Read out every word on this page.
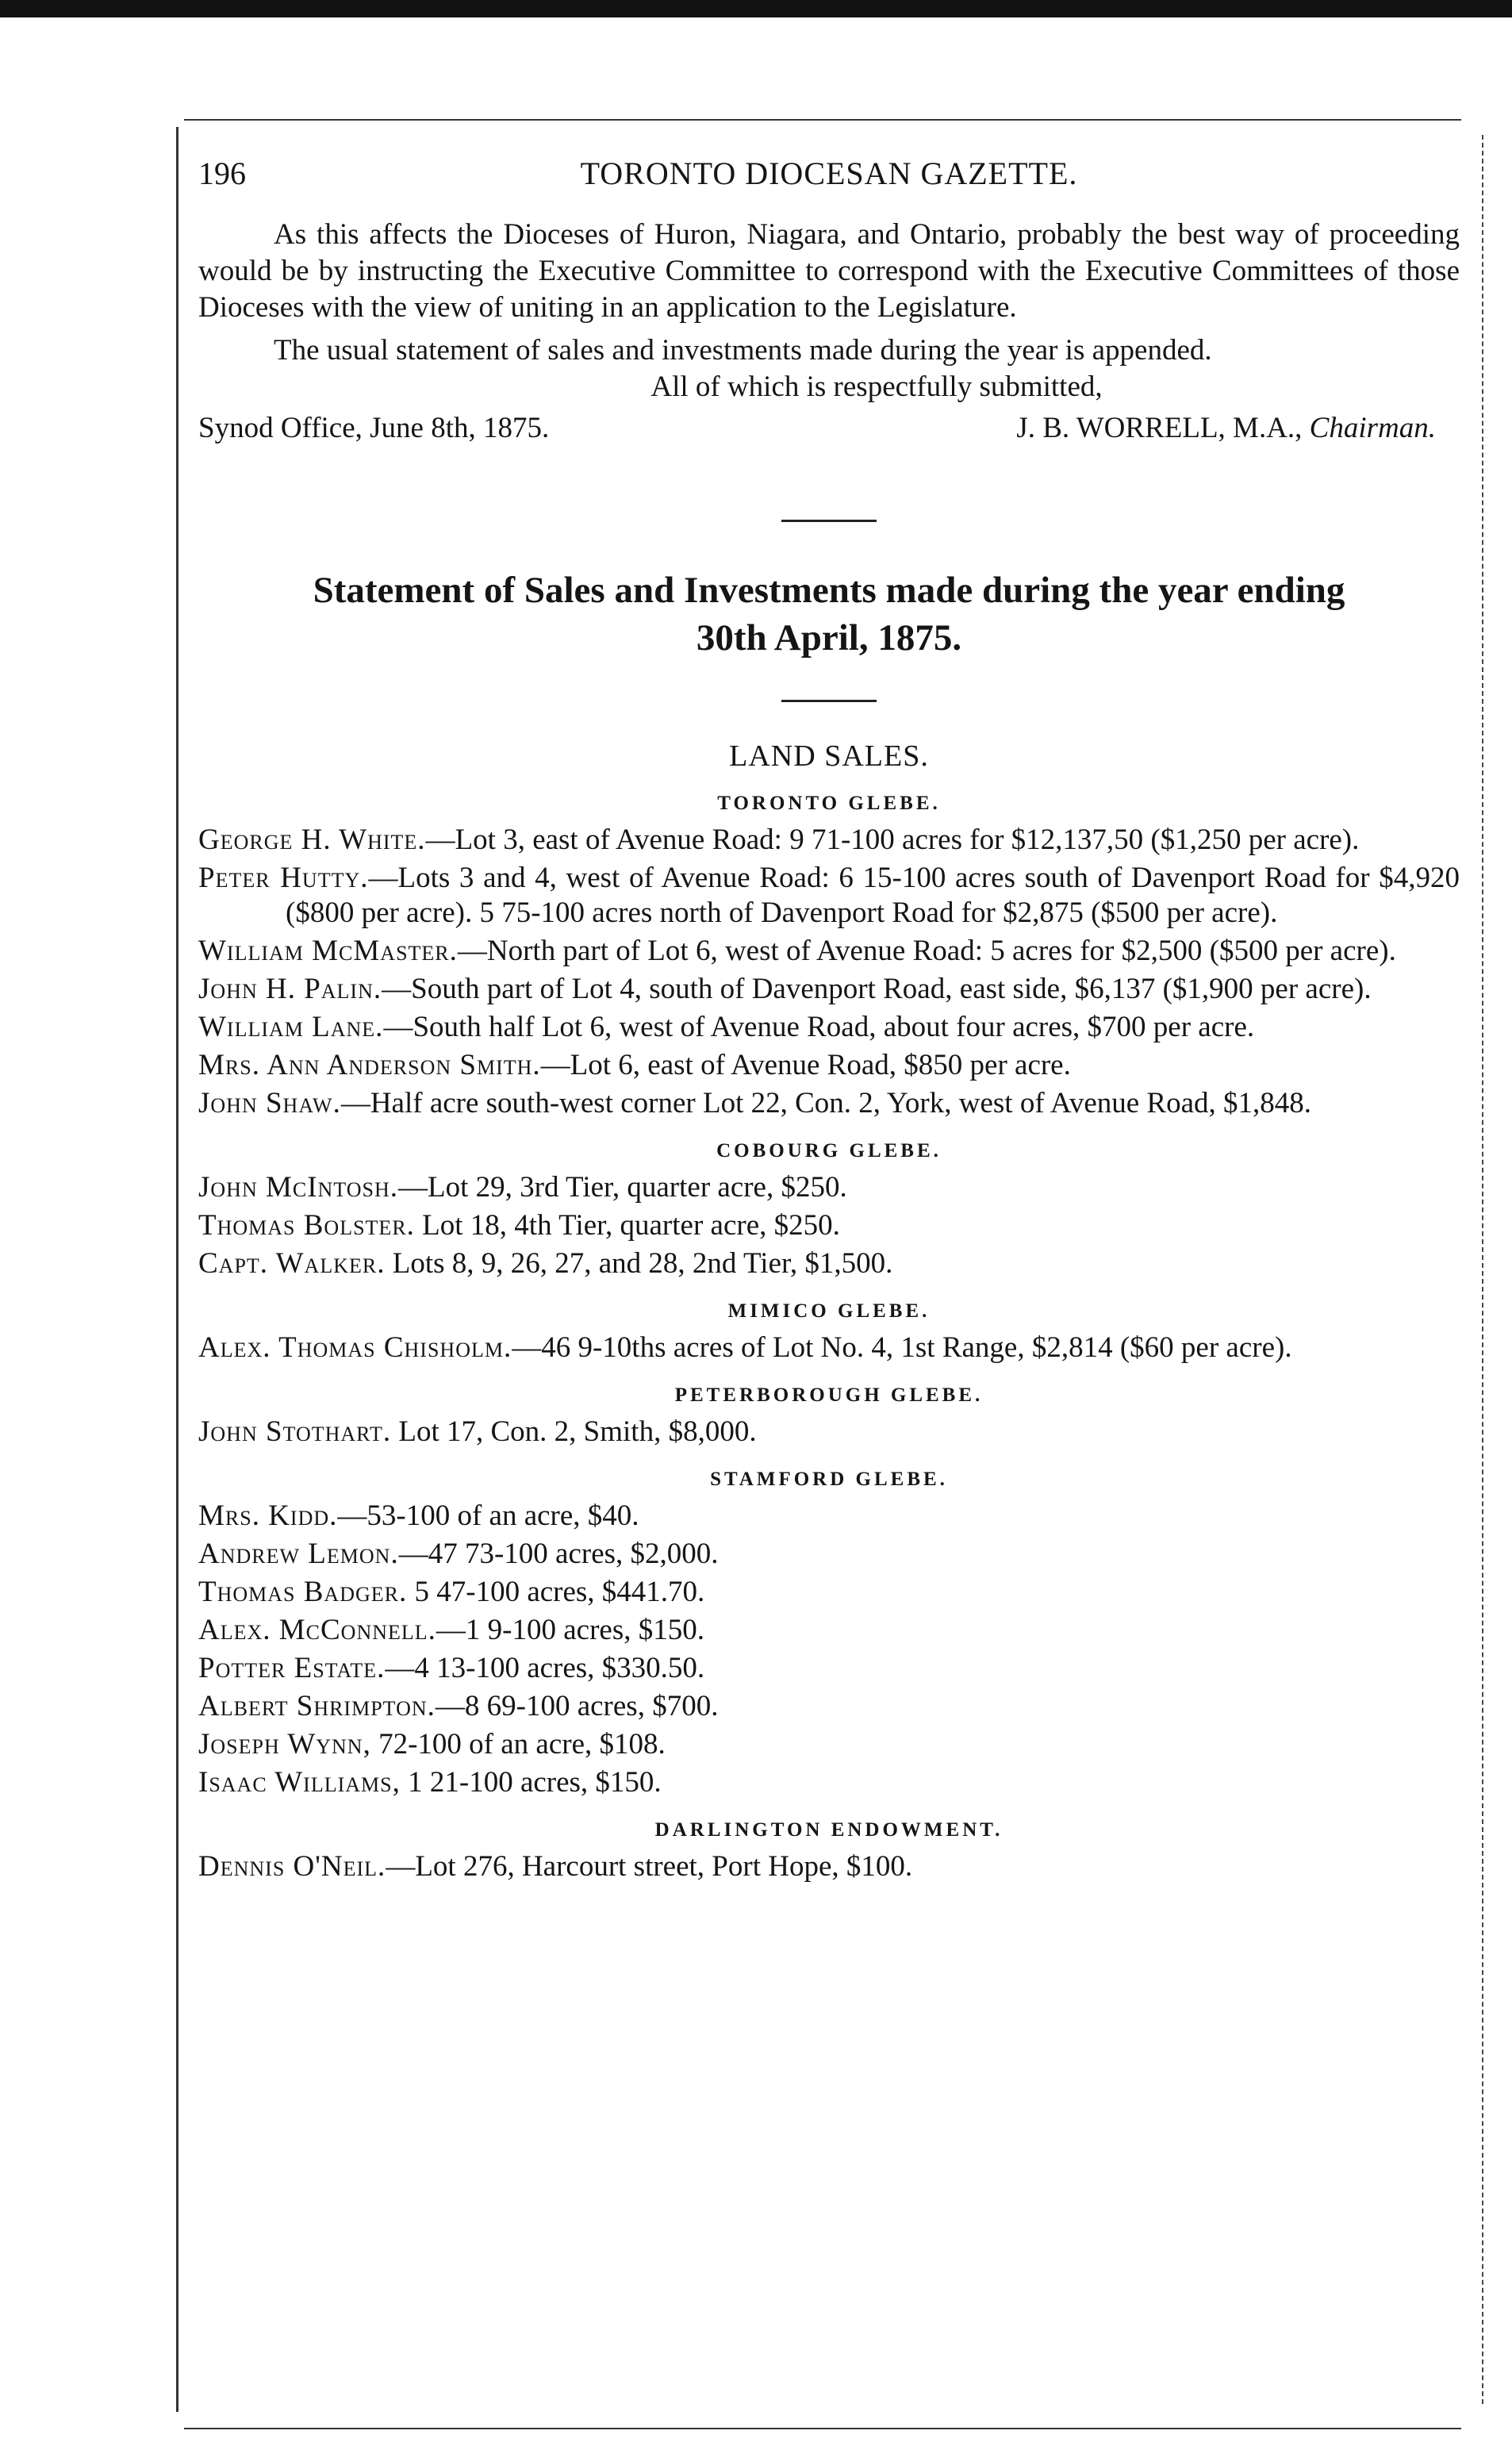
196	TORONTO DIOCESAN GAZETTE.

As this affects the Dioceses of Huron, Niagara, and Ontario, probably the best way of proceeding would be by instructing the Executive Committee to correspond with the Executive Committees of those Dioceses with the view of uniting in an application to the Legislature.

The usual statement of sales and investments made during the year is appended.

All of which is respectfully submitted,
Synod Office, June 8th, 1875.	J. B. WORRELL, M.A., Chairman.
Statement of Sales and Investments made during the year ending
30th April, 1875.
LAND SALES.
TORONTO GLEBE.
George H. White.—Lot 3, east of Avenue Road: 9 71-100 acres for $12,137,50 ($1,250 per acre).
Peter Hutty.—Lots 3 and 4, west of Avenue Road: 6 15-100 acres south of Davenport Road for $4,920 ($800 per acre). 5 75-100 acres north of Davenport Road for $2,875 ($500 per acre).
William McMaster.—North part of Lot 6, west of Avenue Road: 5 acres for $2,500 ($500 per acre).
John H. Palin.—South part of Lot 4, south of Davenport Road, east side, $6,137 ($1,900 per acre).
William Lane.—South half Lot 6, west of Avenue Road, about four acres, $700 per acre.
Mrs. Ann Anderson Smith.—Lot 6, east of Avenue Road, $850 per acre.
John Shaw.—Half acre south-west corner Lot 22, Con. 2, York, west of Avenue Road, $1,848.
COBOURG GLEBE.
John McIntosh.—Lot 29, 3rd Tier, quarter acre, $250.
Thomas Bolster. Lot 18, 4th Tier, quarter acre, $250.
Capt. Walker. Lots 8, 9, 26, 27, and 28, 2nd Tier, $1,500.
MIMICO GLEBE.
Alex. Thomas Chisholm.—46 9-10ths acres of Lot No. 4, 1st Range, $2,814 ($60 per acre).
PETERBOROUGH GLEBE.
John Stothart. Lot 17, Con. 2, Smith, $8,000.
STAMFORD GLEBE.
Mrs. Kidd.—53-100 of an acre, $40.
Andrew Lemon.—47 73-100 acres, $2,000.
Thomas Badger. 5 47-100 acres, $441.70.
Alex. McConnell.—1 9-100 acres, $150.
Potter Estate.—4 13-100 acres, $330.50.
Albert Shrimpton.—8 69-100 acres, $700.
Joseph Wynn, 72-100 of an acre, $108.
Isaac Williams, 1 21-100 acres, $150.
DARLINGTON ENDOWMENT.
Dennis O'Neil.—Lot 276, Harcourt street, Port Hope, $100.
